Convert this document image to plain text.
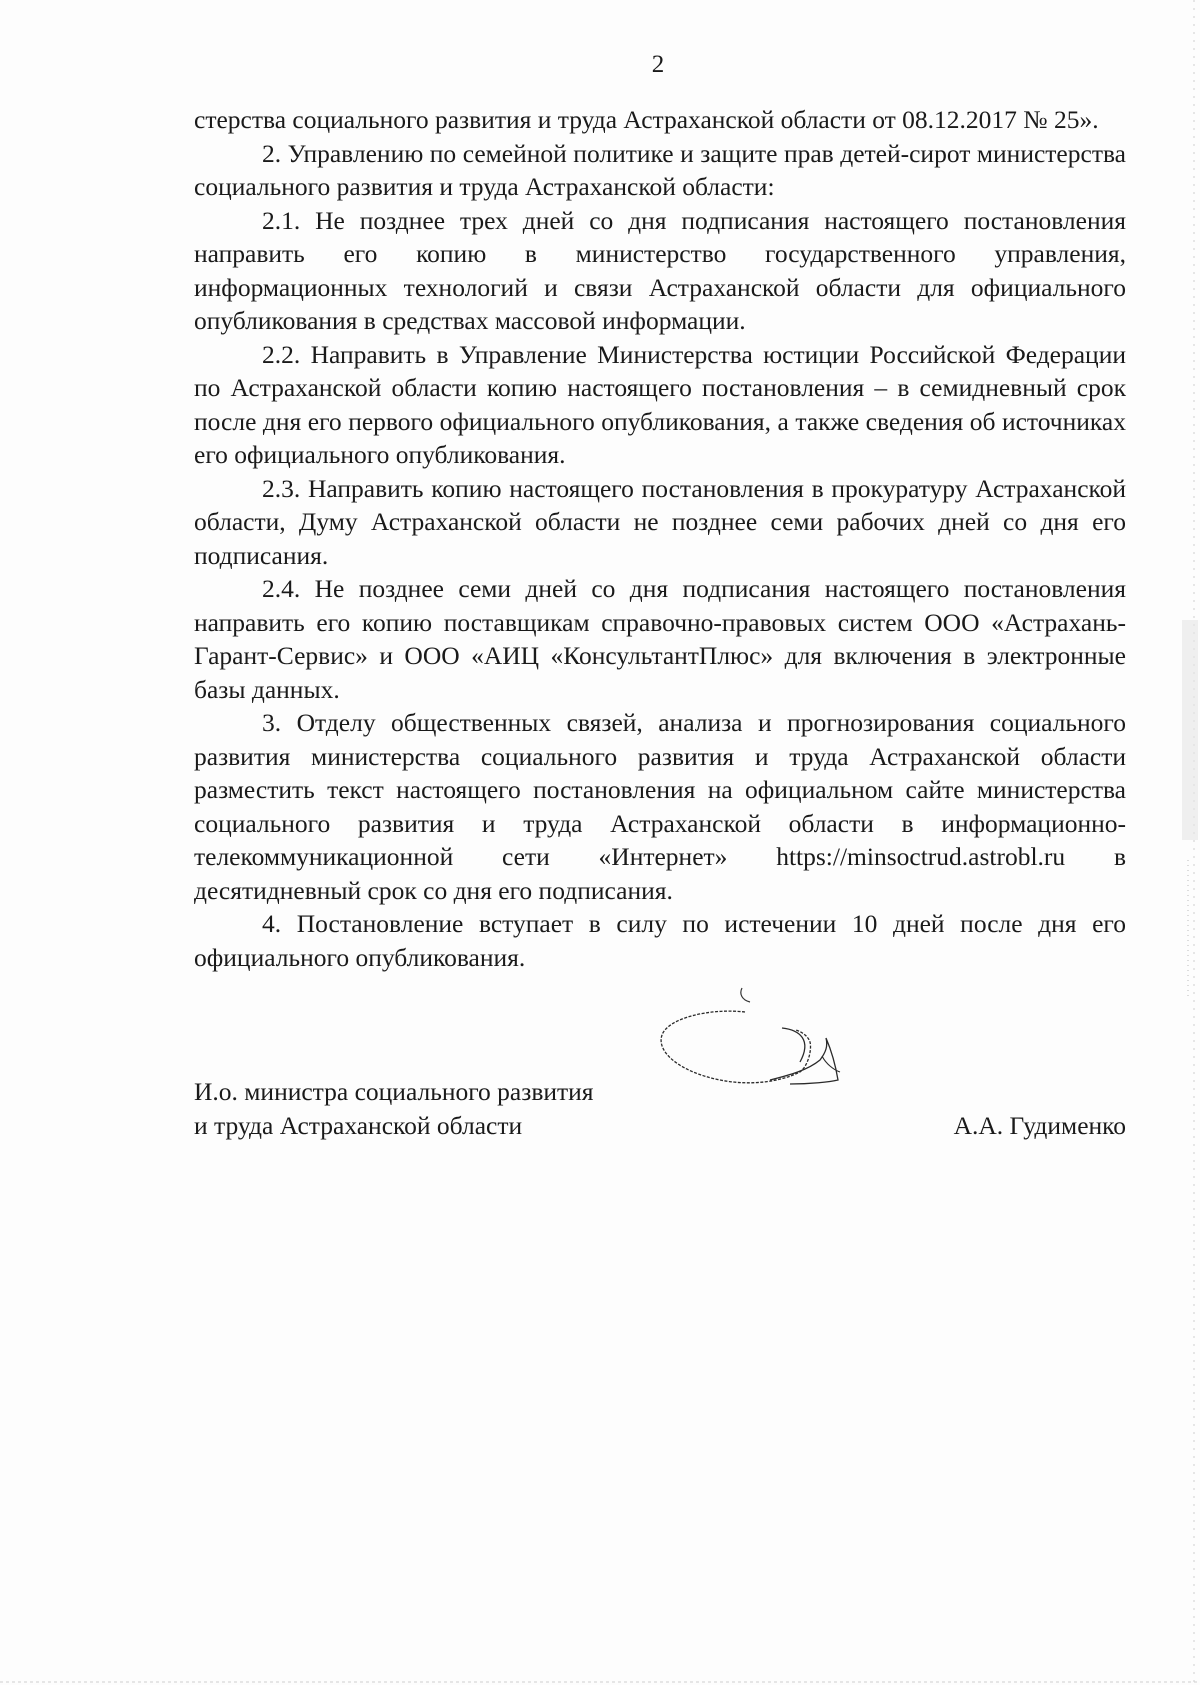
2

стерства социального развития и труда Астраханской области от 08.12.2017 № 25».

2. Управлению по семейной политике и защите прав детей-сирот министерства социального развития и труда Астраханской области:

2.1. Не позднее трех дней со дня подписания настоящего постановления направить его копию в министерство государственного управления, информационных технологий и связи Астраханской области для официального опубликования в средствах массовой информации.

2.2. Направить в Управление Министерства юстиции Российской Федерации по Астраханской области копию настоящего постановления – в семидневный срок после дня его первого официального опубликования, а также сведения об источниках его официального опубликования.

2.3. Направить копию настоящего постановления в прокуратуру Астраханской области, Думу Астраханской области не позднее семи рабочих дней со дня его подписания.

2.4. Не позднее семи дней со дня подписания настоящего постановления направить его копию поставщикам справочно-правовых систем ООО «Астрахань-Гарант-Сервис» и ООО «АИЦ «КонсультантПлюс» для включения в электронные базы данных.

3. Отделу общественных связей, анализа и прогнозирования социального развития министерства социального развития и труда Астраханской области разместить текст настоящего постановления на официальном сайте министерства социального развития и труда Астраханской области в информационно-телекоммуникационной сети «Интернет» https://minsoctrud.astrobl.ru в десятидневный срок со дня его подписания.

4. Постановление вступает в силу по истечении 10 дней после дня его официального опубликования.

И.о. министра социального развития
и труда Астраханской области	А.А. Гудименко
